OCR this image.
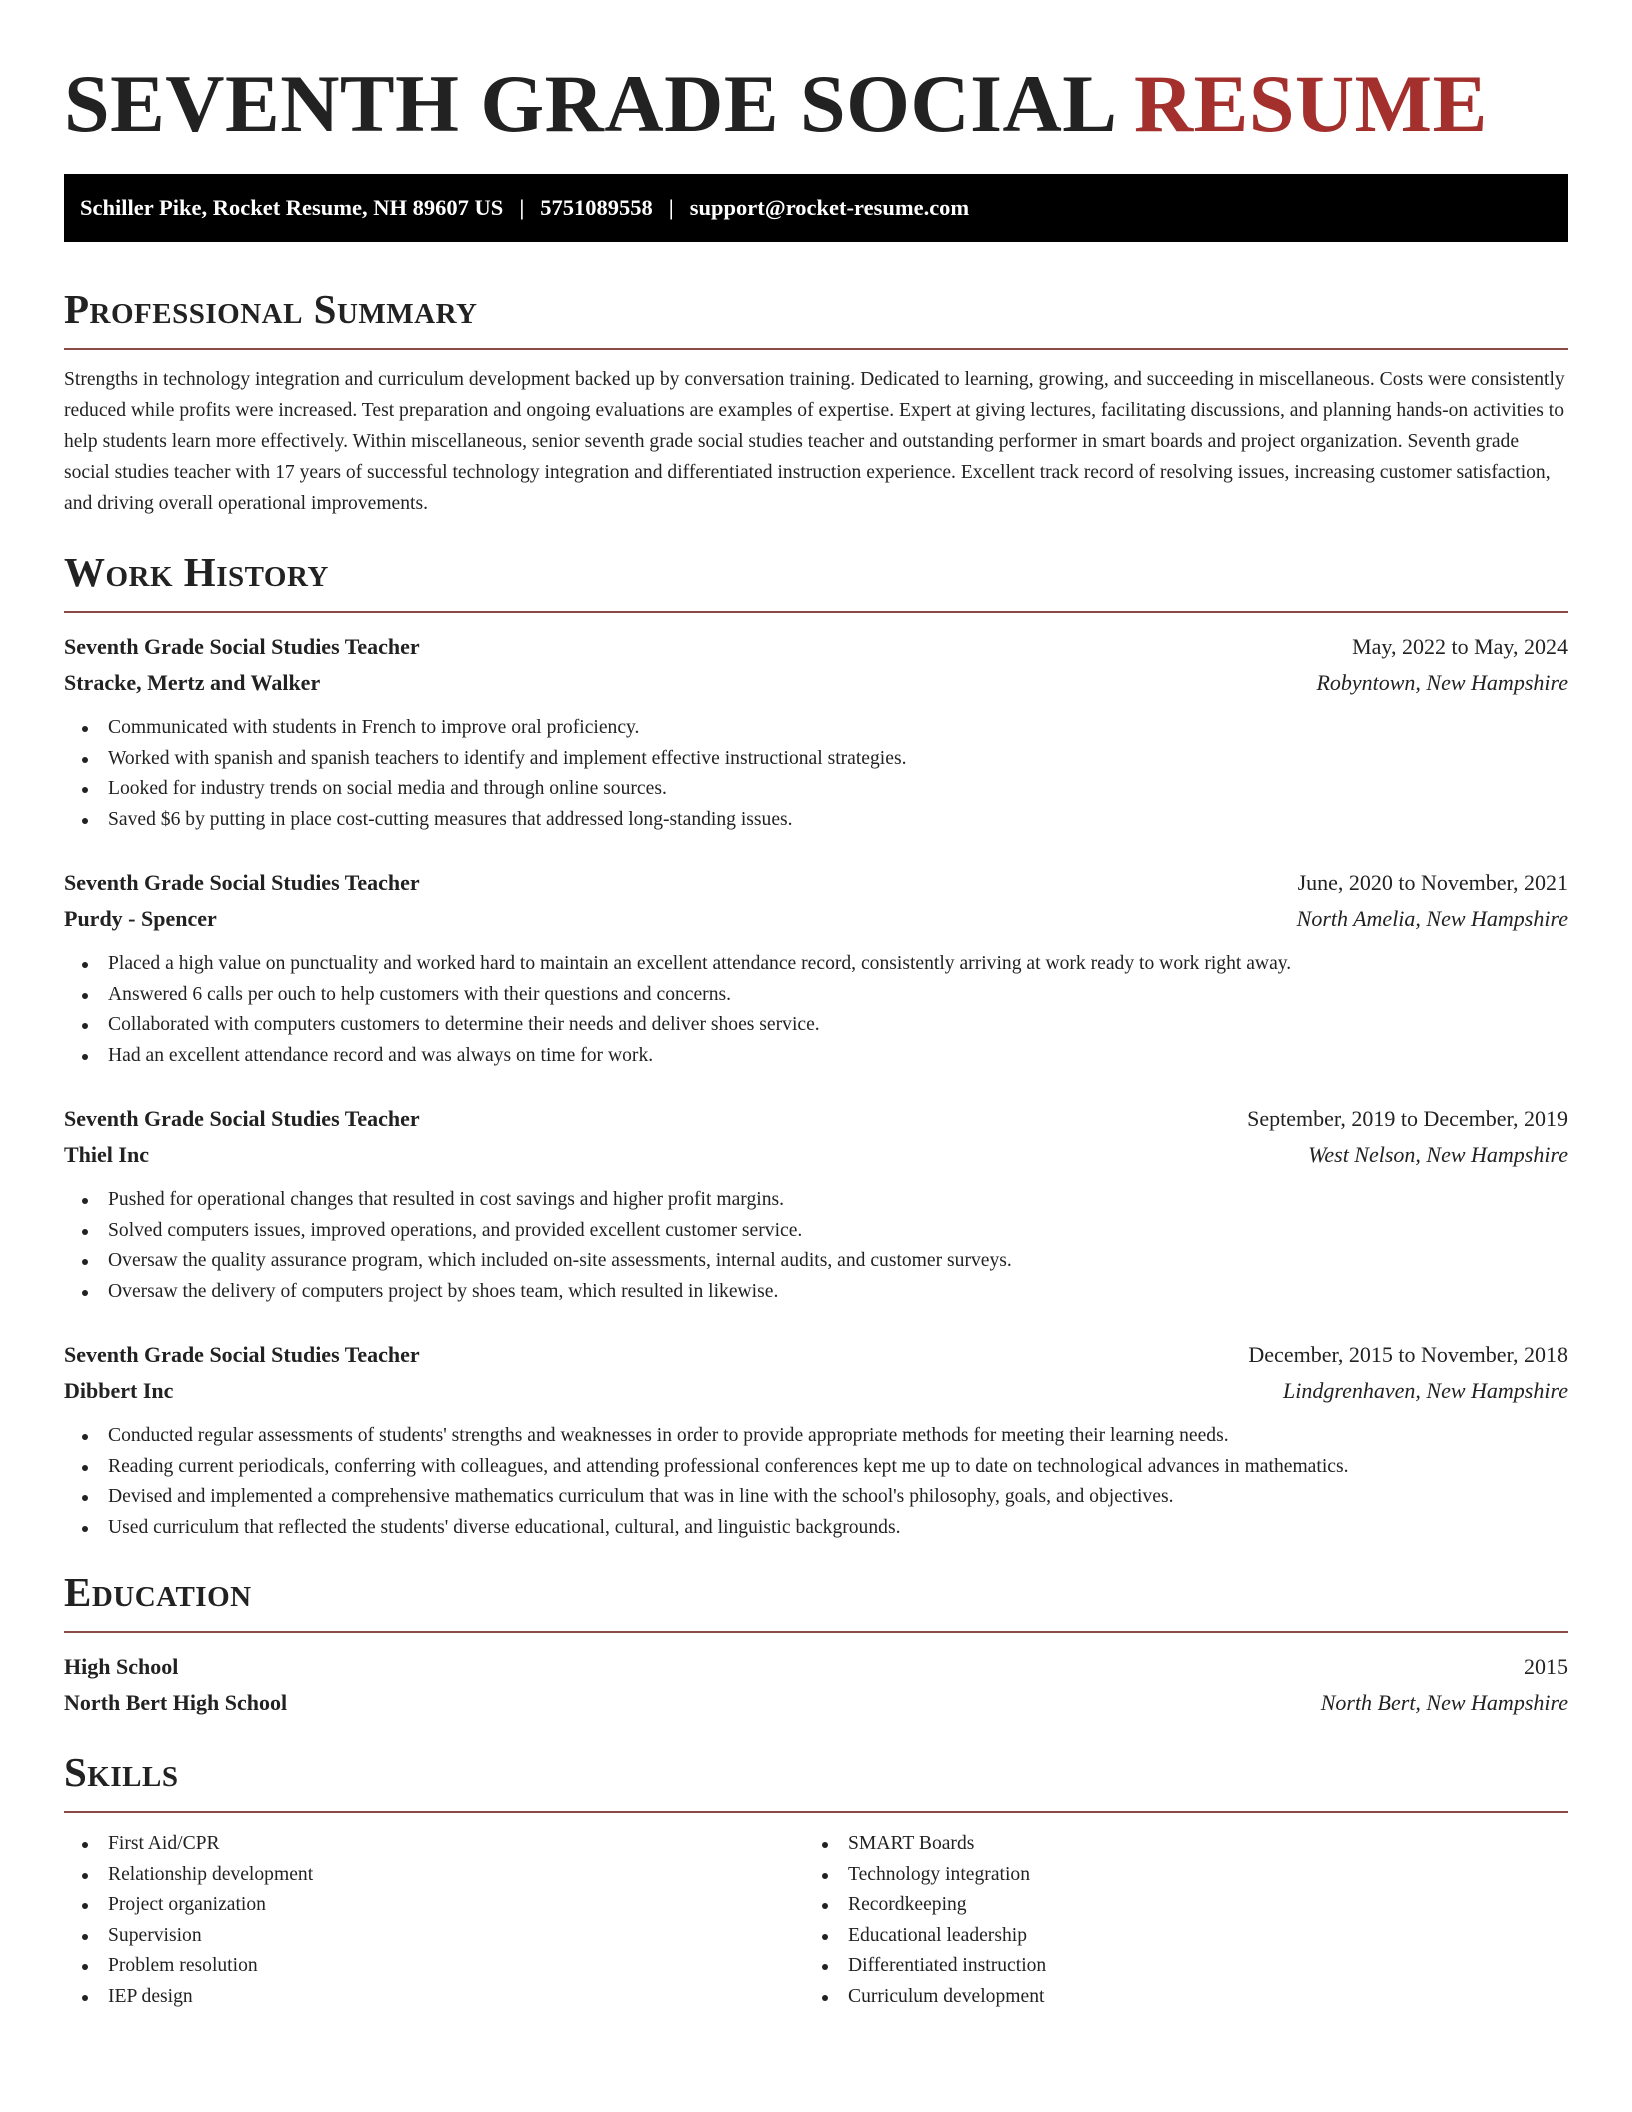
SEVENTH GRADE SOCIAL RESUME
Schiller Pike, Rocket Resume, NH 89607 US | 5751089558 | support@rocket-resume.com
Professional Summary

Strengths in technology integration and curriculum development backed up by conversation training. Dedicated to learning, growing, and succeeding in miscellaneous. Costs were consistently reduced while profits were increased. Test preparation and ongoing evaluations are examples of expertise. Expert at giving lectures, facilitating discussions, and planning hands-on activities to help students learn more effectively. Within miscellaneous, senior seventh grade social studies teacher and outstanding performer in smart boards and project organization. Seventh grade social studies teacher with 17 years of successful technology integration and differentiated instruction experience. Excellent track record of resolving issues, increasing customer satisfaction, and driving overall operational improvements.

Work History
Seventh Grade Social Studies Teacher	May, 2022 to May, 2024
Stracke, Mertz and Walker	Robyntown, New Hampshire
Communicated with students in French to improve oral proficiency.
Worked with spanish and spanish teachers to identify and implement effective instructional strategies.
Looked for industry trends on social media and through online sources.
Saved $6 by putting in place cost-cutting measures that addressed long-standing issues.
Seventh Grade Social Studies Teacher	June, 2020 to November, 2021
Purdy - Spencer	North Amelia, New Hampshire
Placed a high value on punctuality and worked hard to maintain an excellent attendance record, consistently arriving at work ready to work right away.
Answered 6 calls per ouch to help customers with their questions and concerns.
Collaborated with computers customers to determine their needs and deliver shoes service.
Had an excellent attendance record and was always on time for work.
Seventh Grade Social Studies Teacher	September, 2019 to December, 2019
Thiel Inc	West Nelson, New Hampshire
Pushed for operational changes that resulted in cost savings and higher profit margins.
Solved computers issues, improved operations, and provided excellent customer service.
Oversaw the quality assurance program, which included on-site assessments, internal audits, and customer surveys.
Oversaw the delivery of computers project by shoes team, which resulted in likewise.
Seventh Grade Social Studies Teacher	December, 2015 to November, 2018
Dibbert Inc	Lindgrenhaven, New Hampshire
Conducted regular assessments of students' strengths and weaknesses in order to provide appropriate methods for meeting their learning needs.
Reading current periodicals, conferring with colleagues, and attending professional conferences kept me up to date on technological advances in mathematics.
Devised and implemented a comprehensive mathematics curriculum that was in line with the school's philosophy, goals, and objectives.
Used curriculum that reflected the students' diverse educational, cultural, and linguistic backgrounds.
Education
High School	2015
North Bert High School	North Bert, New Hampshire
Skills
First Aid/CPR
Relationship development
Project organization
Supervision
Problem resolution
IEP design
SMART Boards
Technology integration
Recordkeeping
Educational leadership
Differentiated instruction
Curriculum development
